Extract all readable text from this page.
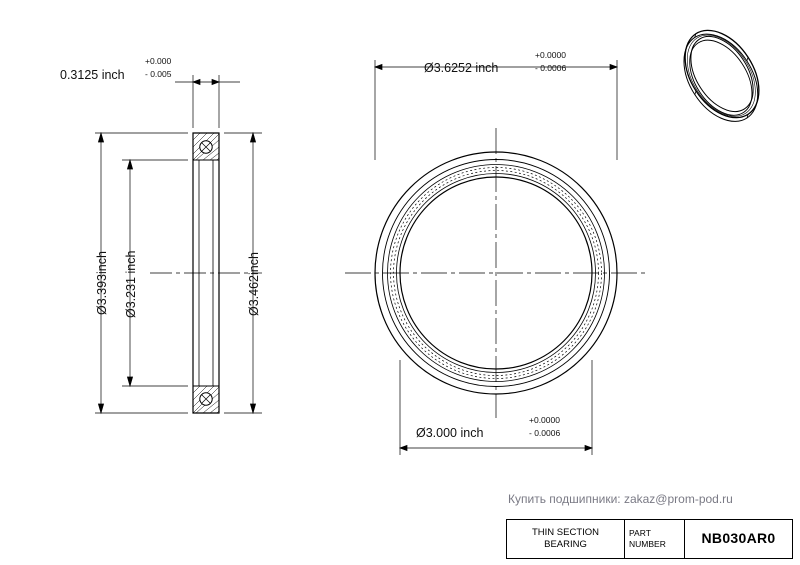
0.3125 inch
+0.000
- 0.005
Ø3.393inch Ø3.231 inch	Ø3.462inch
Ø3.6252 inch
+0.0000
- 0.0006
Ø3.000 inch
+0.0000
- 0.0006
Купить подшипники: zakaz@prom-pod.ru
THIN SECTION
BEARING
PART
NUMBER	NB030AR0
